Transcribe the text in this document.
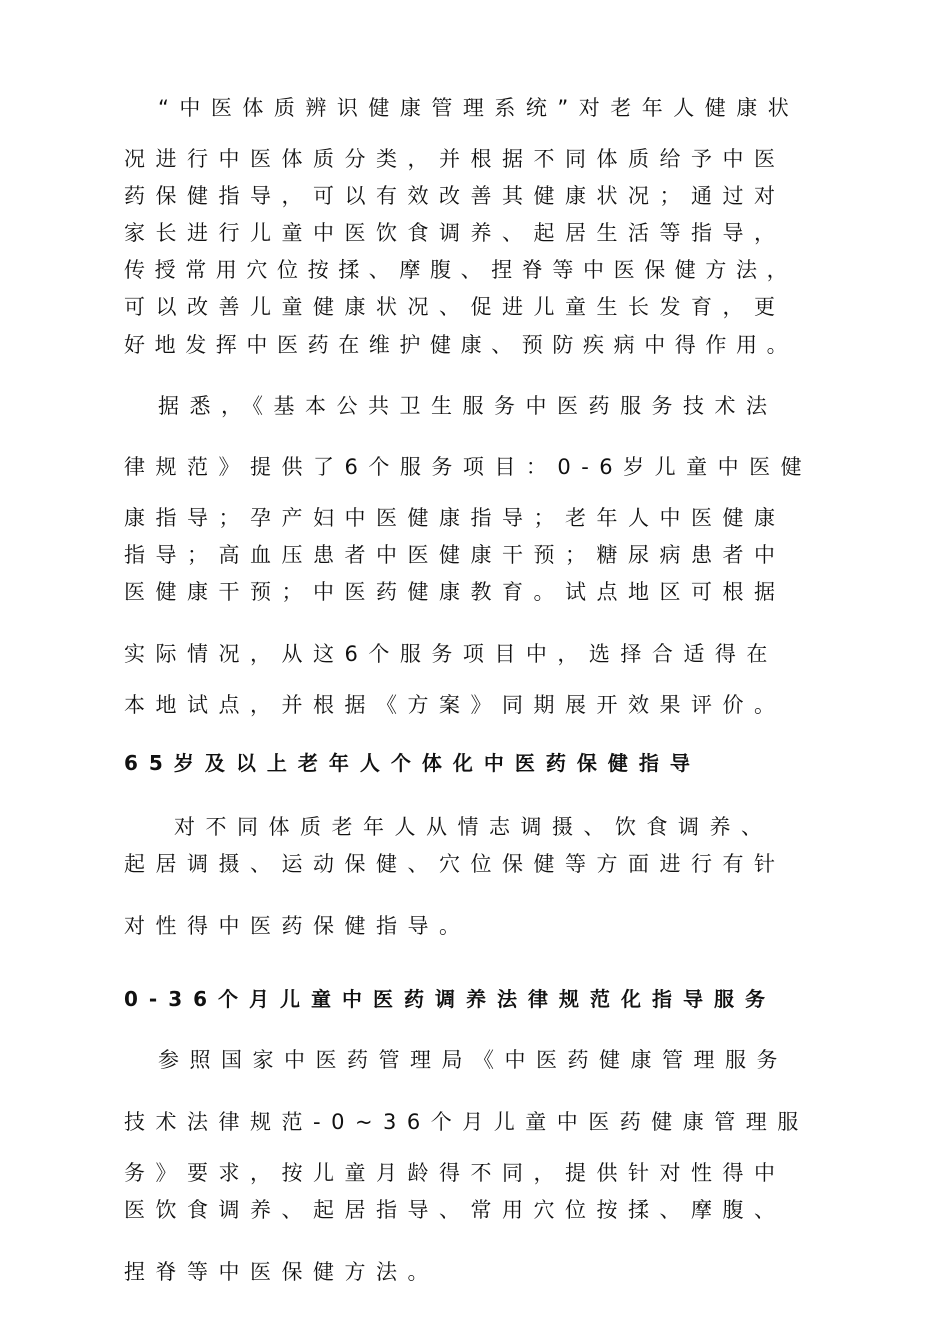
“中医体质辨识健康管理系统”对老年人健康状

况进行中医体质分类，并根据不同体质给予中医

药保健指导，可以有效改善其健康状况；通过对

家长进行儿童中医饮食调养、起居生活等指导，

传授常用穴位按揉、摩腹、捏脊等中医保健方法，

可以改善儿童健康状况、促进儿童生长发育，更

好地发挥中医药在维护健康、预防疾病中得作用。

据悉，《基本公共卫生服务中医药服务技术法

律规范》提供了6个服务项目：0-6岁儿童中医健

康指导；孕产妇中医健康指导；老年人中医健康

指导；高血压患者中医健康干预；糖尿病患者中

医健康干预；中医药健康教育。试点地区可根据

实际情况，从这6个服务项目中，选择合适得在

本地试点，并根据《方案》同期展开效果评价。

65岁及以上老年人个体化中医药保健指导

对不同体质老年人从情志调摄、饮食调养、

起居调摄、运动保健、穴位保健等方面进行有针

对性得中医药保健指导。

0-36个月儿童中医药调养法律规范化指导服务

参照国家中医药管理局《中医药健康管理服务

技术法律规范-0~36个月儿童中医药健康管理服

务》要求，按儿童月龄得不同，提供针对性得中

医饮食调养、起居指导、常用穴位按揉、摩腹、

捏脊等中医保健方法。
